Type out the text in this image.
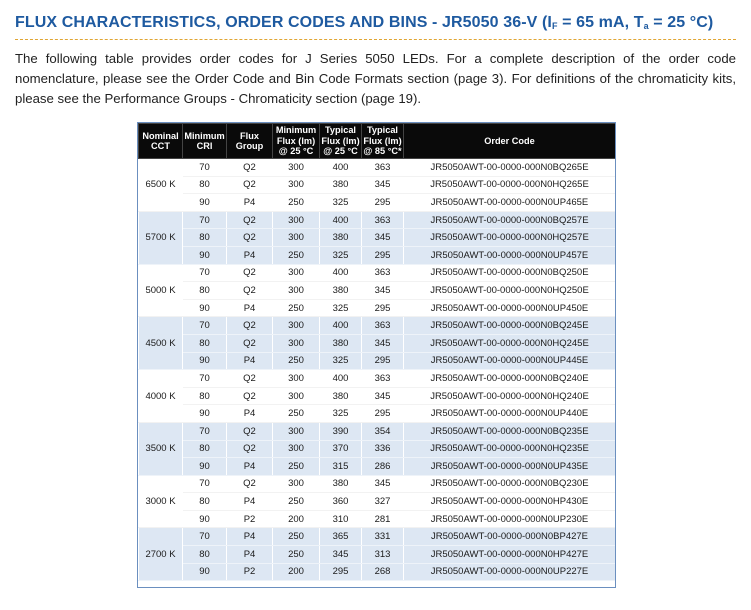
FLUX CHARACTERISTICS, ORDER CODES AND BINS - JR5050 36-V ($I_F = 65$ mA, $T_a = 25$ °C)

The following table provides order codes for J Series 5050 LEDs. For a complete description of the order code nomenclature, please see the Order Code and Bin Code Formats section (page 3). For definitions of the chromaticity kits, please see the Performance Groups - Chromaticity section (page 19).

Nominal CCT	Minimum CRI	Flux Group	Minimum Flux (lm) @ 25 °C	Typical Flux (lm) @ 25 °C	Typical Flux (lm) @ 85 °C*	Order Code
6500 K	70	Q2	300	400	363	JR5050AWT-00-0000-000N0BQ265E
	80	Q2	300	380	345	JR5050AWT-00-0000-000N0HQ265E
	90	P4	250	325	295	JR5050AWT-00-0000-000N0UP465E
5700 K	70	Q2	300	400	363	JR5050AWT-00-0000-000N0BQ257E
	80	Q2	300	380	345	JR5050AWT-00-0000-000N0HQ257E
	90	P4	250	325	295	JR5050AWT-00-0000-000N0UP457E
5000 K	70	Q2	300	400	363	JR5050AWT-00-0000-000N0BQ250E
	80	Q2	300	380	345	JR5050AWT-00-0000-000N0HQ250E
	90	P4	250	325	295	JR5050AWT-00-0000-000N0UP450E
4500 K	70	Q2	300	400	363	JR5050AWT-00-0000-000N0BQ245E
	80	Q2	300	380	345	JR5050AWT-00-0000-000N0HQ245E
	90	P4	250	325	295	JR5050AWT-00-0000-000N0UP445E
4000 K	70	Q2	300	400	363	JR5050AWT-00-0000-000N0BQ240E
	80	Q2	300	380	345	JR5050AWT-00-0000-000N0HQ240E
	90	P4	250	325	295	JR5050AWT-00-0000-000N0UP440E
3500 K	70	Q2	300	390	354	JR5050AWT-00-0000-000N0BQ235E
	80	Q2	300	370	336	JR5050AWT-00-0000-000N0HQ235E
	90	P4	250	315	286	JR5050AWT-00-0000-000N0UP435E
3000 K	70	Q2	300	380	345	JR5050AWT-00-0000-000N0BQ230E
	80	P4	250	360	327	JR5050AWT-00-0000-000N0HP430E
	90	P2	200	310	281	JR5050AWT-00-0000-000N0UP230E
2700 K	70	P4	250	365	331	JR5050AWT-00-0000-000N0BP427E
	80	P4	250	345	313	JR5050AWT-00-0000-000N0HP427E
	90	P2	200	295	268	JR5050AWT-00-0000-000N0UP227E
